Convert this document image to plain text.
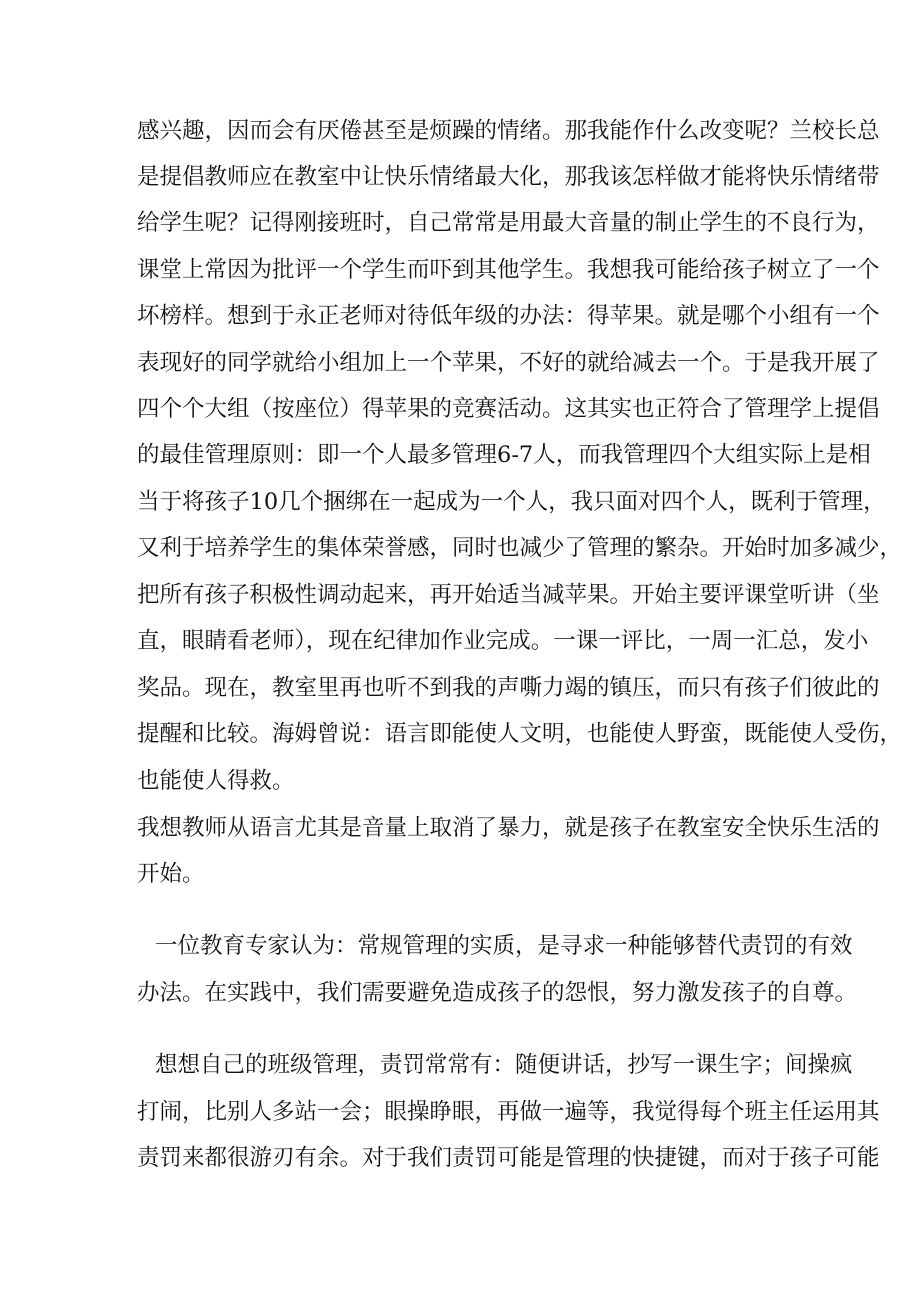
感兴趣，因而会有厌倦甚至是烦躁的情绪。那我能作什么改变呢？兰校长总
是提倡教师应在教室中让快乐情绪最大化，那我该怎样做才能将快乐情绪带
给学生呢？记得刚接班时，自己常常是用最大音量的制止学生的不良行为，
课堂上常因为批评一个学生而吓到其他学生。我想我可能给孩子树立了一个
坏榜样。想到于永正老师对待低年级的办法：得苹果。就是哪个小组有一个
表现好的同学就给小组加上一个苹果，不好的就给减去一个。于是我开展了
四个个大组（按座位）得苹果的竞赛活动。这其实也正符合了管理学上提倡
的最佳管理原则：即一个人最多管理6-7人，而我管理四个大组实际上是相
当于将孩子10几个捆绑在一起成为一个人，我只面对四个人，既利于管理，
又利于培养学生的集体荣誉感，同时也减少了管理的繁杂。开始时加多减少，
把所有孩子积极性调动起来，再开始适当减苹果。开始主要评课堂听讲（坐
直，眼睛看老师），现在纪律加作业完成。一课一评比，一周一汇总，发小
奖品。现在，教室里再也听不到我的声嘶力竭的镇压，而只有孩子们彼此的
提醒和比较。海姆曾说：语言即能使人文明，也能使人野蛮，既能使人受伤，
也能使人得救。
我想教师从语言尤其是音量上取消了暴力，就是孩子在教室安全快乐生活的
开始。
一位教育专家认为：常规管理的实质，是寻求一种能够替代责罚的有效
办法。在实践中，我们需要避免造成孩子的怨恨，努力激发孩子的自尊。
想想自己的班级管理，责罚常常有：随便讲话，抄写一课生字；间操疯
打闹，比别人多站一会；眼操睁眼，再做一遍等，我觉得每个班主任运用其
责罚来都很游刃有余。对于我们责罚可能是管理的快捷键，而对于孩子可能
